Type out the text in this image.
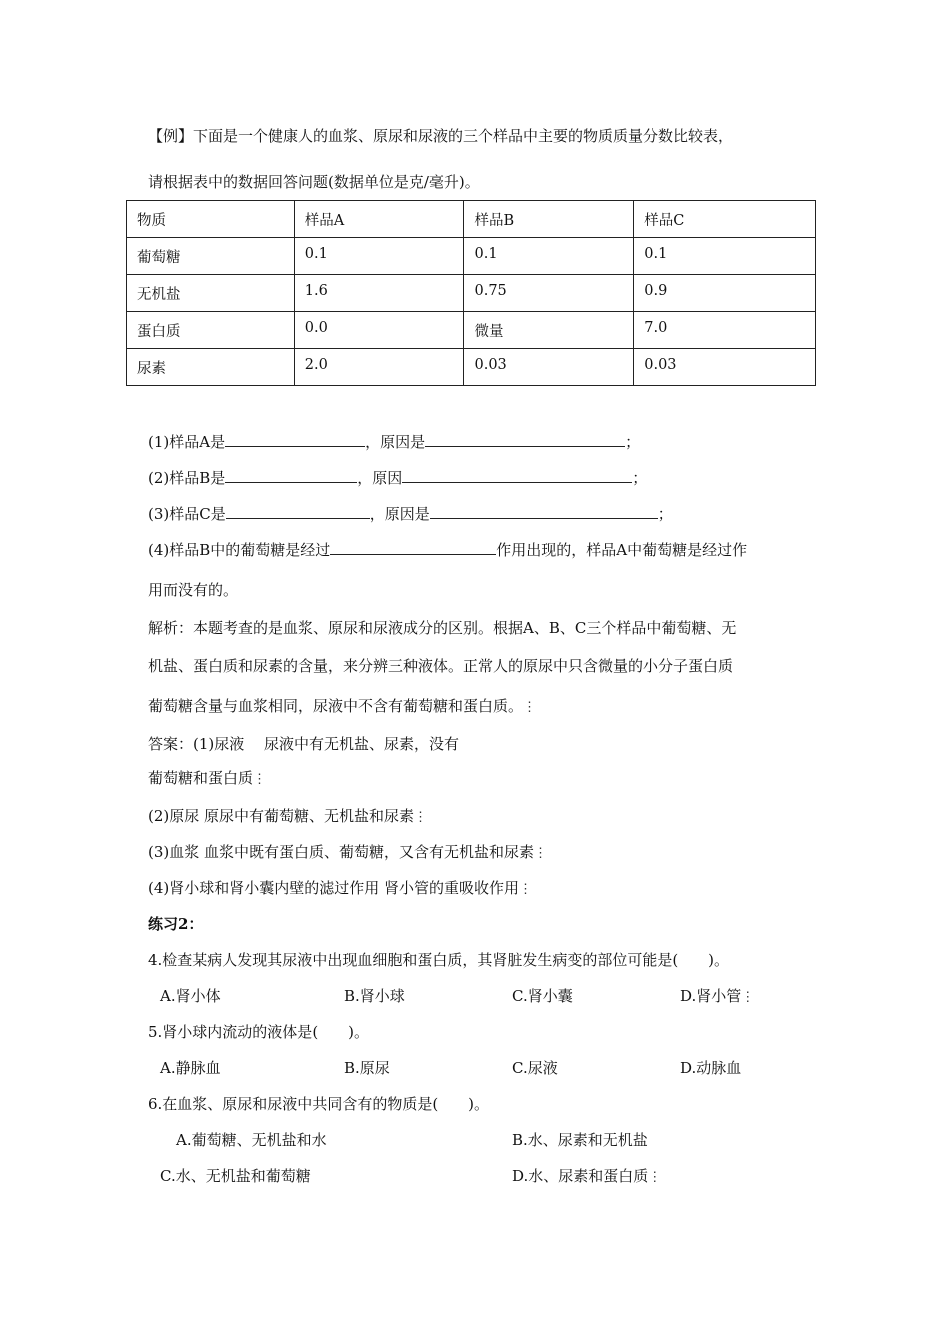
【例】下面是一个健康人的血浆、原尿和尿液的三个样品中主要的物质质量分数比较表，
请根据表中的数据回答问题(数据单位是克/毫升)。
物质	样品A	样品B	样品C
葡萄糖	0.1	0.1	0.1
无机盐	1.6	0.75	0.9
蛋白质	0.0	微量	7.0
尿素	2.0	0.03	0.03
(1)样品A是	，原因是	；
(2)样品B是	，原因	；
(3)样品C是	，原因是	；
(4)样品B中的葡萄糖是经过	作用出现的，样品A中葡萄糖是经过作
用而没有的。
解析：本题考查的是血浆、原尿和尿液成分的区别。根据A、B、C三个样品中葡萄糖、无
机盐、蛋白质和尿素的含量，来分辨三种液体。正常人的原尿中只含微量的小分子蛋白质
葡萄糖含量与血浆相同，尿液中不含有葡萄糖和蛋白质。⋮
答案：(1)尿液　 尿液中有无机盐、尿素，没有
葡萄糖和蛋白质⋮
(2)原尿 原尿中有葡萄糖、无机盐和尿素⋮
(3)血浆 血浆中既有蛋白质、葡萄糖，又含有无机盐和尿素⋮
(4)肾小球和肾小囊内壁的滤过作用 肾小管的重吸收作用⋮
练习2：
4.检查某病人发现其尿液中出现血细胞和蛋白质，其肾脏发生病变的部位可能是(　　)。
A.肾小体	B.肾小球	C.肾小囊	D.肾小管⋮
5.肾小球内流动的液体是(　　)。
A.静脉血	B.原尿	C.尿液	D.动脉血
6.在血浆、原尿和尿液中共同含有的物质是(　　)。
A.葡萄糖、无机盐和水	B.水、尿素和无机盐
C.水、无机盐和葡萄糖	D.水、尿素和蛋白质⋮
